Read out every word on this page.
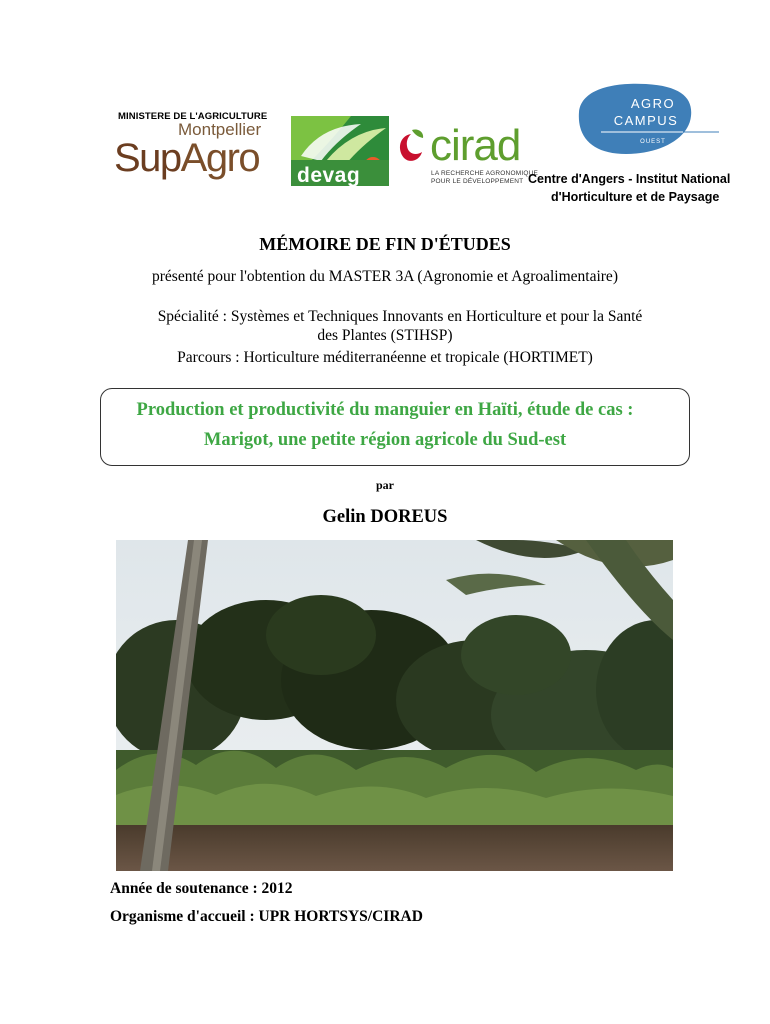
MINISTERE DE L'AGRICULTURE
Montpellier
SupAgro devag
cirad
LA RECHERCHE AGRONOMIQUE
POUR LE DÉVELOPPEMENT
AGRO
CAMPUS
OUEST
Centre d'Angers - Institut National
d'Horticulture et de Paysage
MÉMOIRE DE FIN D'ÉTUDES
présenté pour l'obtention du MASTER 3A (Agronomie et Agroalimentaire)
Spécialité : Systèmes et Techniques Innovants en Horticulture et pour la Santé
des Plantes (STIHSP)
Parcours : Horticulture méditerranéenne et tropicale (HORTIMET)
Production et productivité du manguier en Haïti, étude de cas :
Marigot, une petite région agricole du Sud-est
par
Gelin DOREUS
Année de soutenance : 2012
Organisme d'accueil : UPR HORTSYS/CIRAD
